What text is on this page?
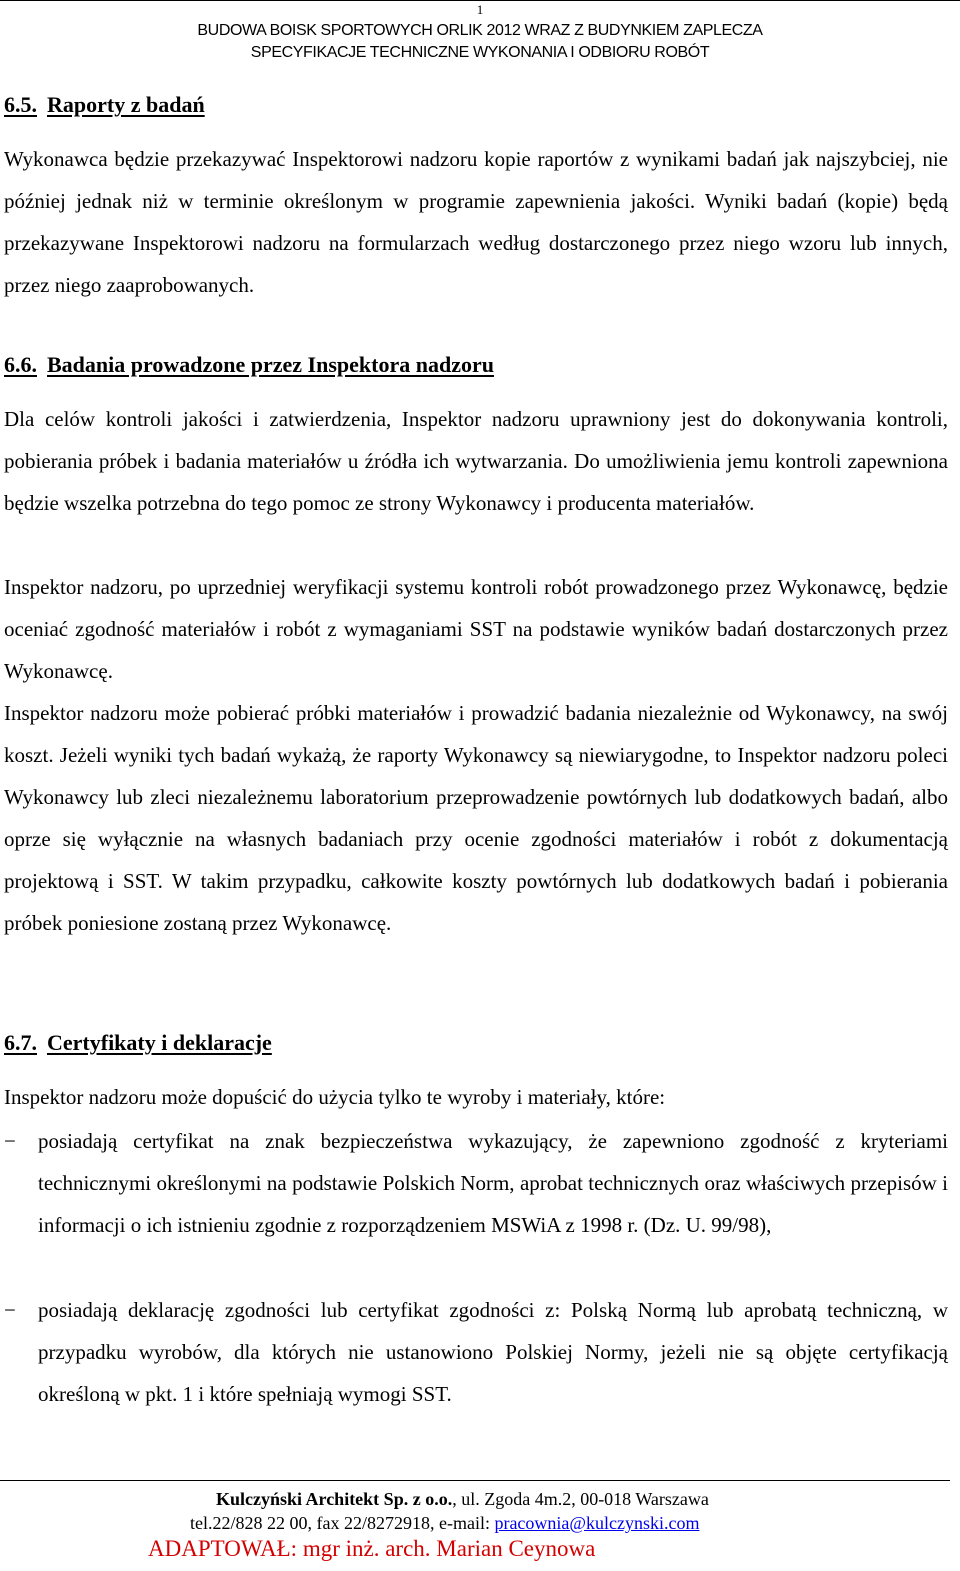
1
BUDOWA BOISK SPORTOWYCH ORLIK 2012 WRAZ Z BUDYNKIEM ZAPLECZA
SPECYFIKACJE TECHNICZNE WYKONANIA I ODBIORU ROBÓT
6.5. Raporty z badań
Wykonawca będzie przekazywać Inspektorowi nadzoru kopie raportów z wynikami badań jak najszybciej, nie później jednak niż w terminie określonym w programie zapewnienia jakości. Wyniki badań (kopie) będą przekazywane Inspektorowi nadzoru na formularzach według dostarczonego przez niego wzoru lub innych, przez niego zaaprobowanych.
6.6. Badania prowadzone przez Inspektora nadzoru
Dla celów kontroli jakości i zatwierdzenia, Inspektor nadzoru uprawniony jest do dokonywania kontroli, pobierania próbek i badania materiałów u źródła ich wytwarzania. Do umożliwienia jemu kontroli zapewniona będzie wszelka potrzebna do tego pomoc ze strony Wykonawcy i producenta materiałów.
Inspektor nadzoru, po uprzedniej weryfikacji systemu kontroli robót prowadzonego przez Wykonawcę, będzie oceniać zgodność materiałów i robót z wymaganiami SST na podstawie wyników badań dostarczonych przez Wykonawcę.
Inspektor nadzoru może pobierać próbki materiałów i prowadzić badania niezależnie od Wykonawcy, na swój koszt. Jeżeli wyniki tych badań wykażą, że raporty Wykonawcy są niewiarygodne, to Inspektor nadzoru poleci Wykonawcy lub zleci niezależnemu laboratorium przeprowadzenie powtórnych lub dodatkowych badań, albo oprze się wyłącznie na własnych badaniach przy ocenie zgodności materiałów i robót z dokumentacją projektową i SST. W takim przypadku, całkowite koszty powtórnych lub dodatkowych badań i pobierania próbek poniesione zostaną przez Wykonawcę.
6.7. Certyfikaty i deklaracje
Inspektor nadzoru może dopuścić do użycia tylko te wyroby i materiały, które:
− posiadają certyfikat na znak bezpieczeństwa wykazujący, że zapewniono zgodność z kryteriami technicznymi określonymi na podstawie Polskich Norm, aprobat technicznych oraz właściwych przepisów i informacji o ich istnieniu zgodnie z rozporządzeniem MSWiA z 1998 r. (Dz. U. 99/98),
− posiadają deklarację zgodności lub certyfikat zgodności z: Polską Normą lub aprobatą techniczną, w przypadku wyrobów, dla których nie ustanowiono Polskiej Normy, jeżeli nie są objęte certyfikacją określoną w pkt. 1 i które spełniają wymogi SST.
Kulczyński Architekt Sp. z o.o., ul. Zgoda 4m.2, 00-018 Warszawa
tel.22/828 22 00, fax 22/8272918, e-mail: pracownia@kulczynski.com
ADAPTOWAŁ: mgr inż. arch. Marian Ceynowa
